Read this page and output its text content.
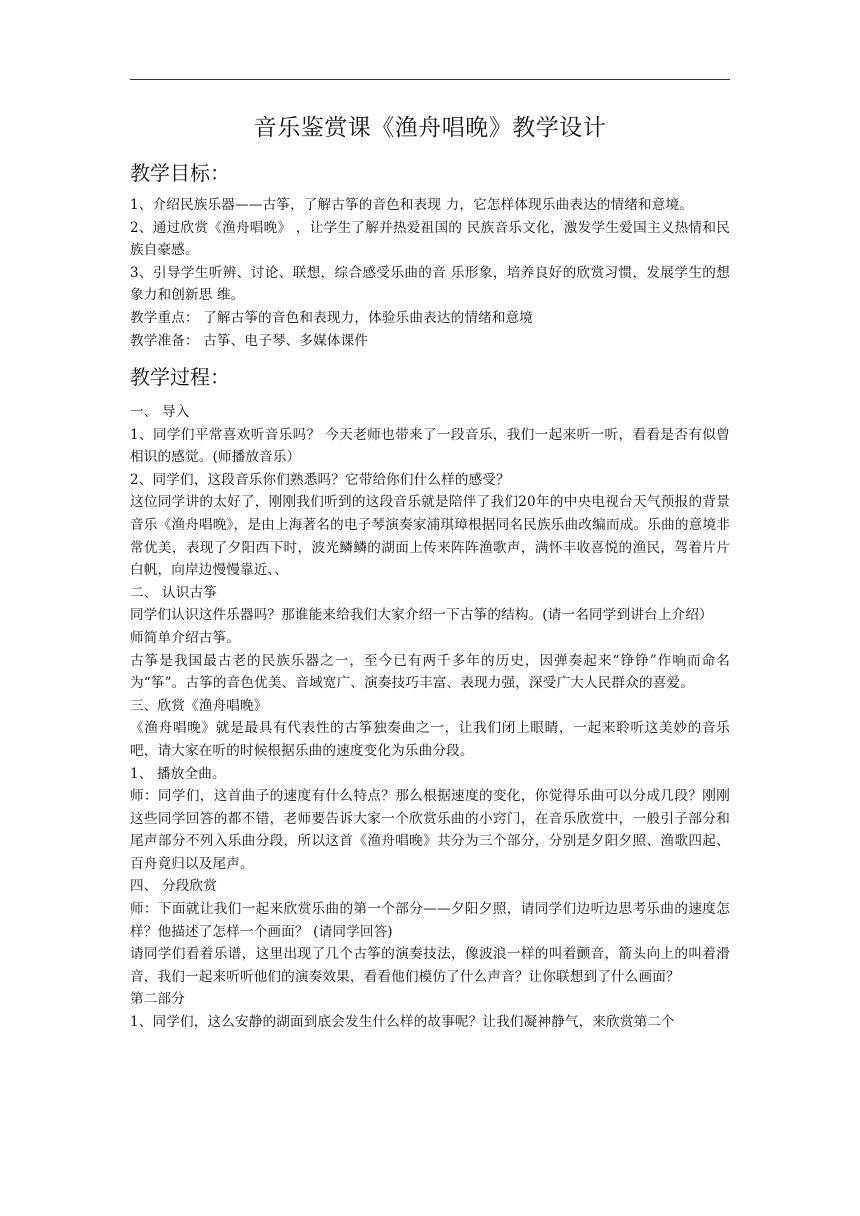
音乐鉴赏课《渔舟唱晚》教学设计
教学目标：

1、介绍民族乐器——古筝，了解古筝的音色和表现 力，它怎样体现乐曲表达的情绪和意境。

2、通过欣赏《渔舟唱晚》 ，让学生了解并热爱祖国的 民族音乐文化，激发学生爱国主义热情和民族自豪感。

3、引导学生听辨、讨论、联想，综合感受乐曲的音 乐形象，培养良好的欣赏习惯，发展学生的想象力和创新思 维。

教学重点： 了解古筝的音色和表现力，体验乐曲表达的情绪和意境

教学准备： 古筝、电子琴、多媒体课件

教学过程：

一、 导入

1、同学们平常喜欢听音乐吗？ 今天老师也带来了一段音乐，我们一起来听一听，看看是否有似曾相识的感觉。(师播放音乐）

2、同学们，这段音乐你们熟悉吗？它带给你们什么样的感受？

这位同学讲的太好了，刚刚我们听到的这段音乐就是陪伴了我们20年的中央电视台天气预报的背景音乐《渔舟唱晚》，是由上海著名的电子琴演奏家浦琪璋根据同名民族乐曲改编而成。乐曲的意境非常优美，表现了夕阳西下时，波光鳞鳞的湖面上传来阵阵渔歌声，满怀丰收喜悦的渔民，驾着片片白帆，向岸边慢慢靠近、、

二、 认识古筝

同学们认识这件乐器吗？那谁能来给我们大家介绍一下古筝的结构。(请一名同学到讲台上介绍）

师简单介绍古筝。

古筝是我国最古老的民族乐器之一，至今已有两千多年的历史，因弹奏起来“铮铮”作响而命名为“筝”。古筝的音色优美、音域宽广、演奏技巧丰富、表现力强，深受广大人民群众的喜爱。

三、欣赏《渔舟唱晚》

《渔舟唱晚》就是最具有代表性的古筝独奏曲之一，让我们闭上眼睛，一起来聆听这美妙的音乐吧，请大家在听的时候根据乐曲的速度变化为乐曲分段。

1、 播放全曲。

师：同学们，这首曲子的速度有什么特点？那么根据速度的变化，你觉得乐曲可以分成几段？刚刚这些同学回答的都不错，老师要告诉大家一个欣赏乐曲的小窍门，在音乐欣赏中，一般引子部分和尾声部分不列入乐曲分段，所以这首《渔舟唱晚》共分为三个部分，分别是夕阳夕照、渔歌四起、百舟竟归以及尾声。

四、 分段欣赏

师：下面就让我们一起来欣赏乐曲的第一个部分——夕阳夕照，请同学们边听边思考乐曲的速度怎样？他描述了怎样一个画面？ (请同学回答)

请同学们看着乐谱，这里出现了几个古筝的演奏技法，像波浪一样的叫着颤音，箭头向上的叫着滑音，我们一起来听听他们的演奏效果，看看他们模仿了什么声音？让你联想到了什么画面？

第二部分

1、同学们，这么安静的湖面到底会发生什么样的故事呢？让我们凝神静气，来欣赏第二个
